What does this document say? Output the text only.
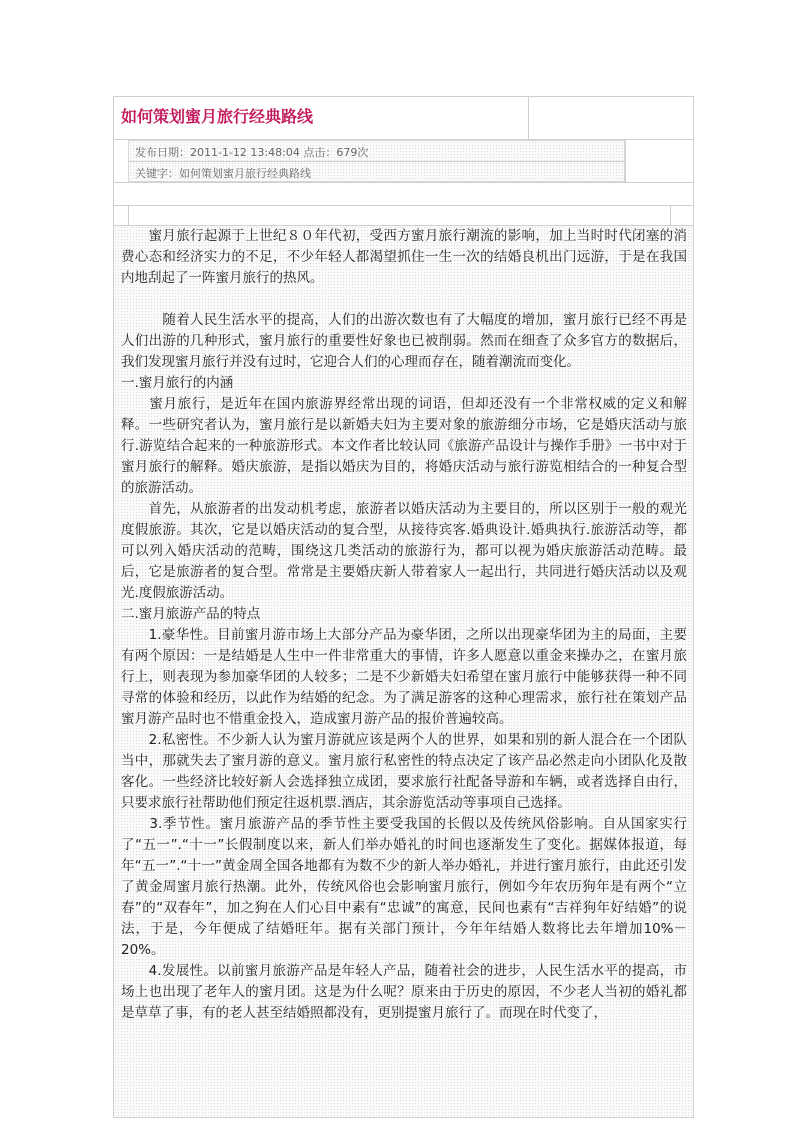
如何策划蜜月旅行经典路线
发布日期：2011-1-12 13:48:04 点击：679次
关键字：如何策划蜜月旅行经典路线

　　蜜月旅行起源于上世纪８０年代初，受西方蜜月旅行潮流的影响，加上当时时代闭塞的消费心态和经济实力的不足，不少年轻人都渴望抓住一生一次的结婚良机出门远游，于是在我国内地刮起了一阵蜜月旅行的热风。

　　　随着人民生活水平的提高，人们的出游次数也有了大幅度的增加，蜜月旅行已经不再是人们出游的几种形式，蜜月旅行的重要性好象也已被削弱。然而在细查了众多官方的数据后，我们发现蜜月旅行并没有过时，它迎合人们的心理而存在，随着潮流而变化。

一.蜜月旅行的内涵

　　蜜月旅行，是近年在国内旅游界经常出现的词语，但却还没有一个非常权威的定义和解释。一些研究者认为，蜜月旅行是以新婚夫妇为主要对象的旅游细分市场，它是婚庆活动与旅行.游览结合起来的一种旅游形式。本文作者比较认同《旅游产品设计与操作手册》一书中对于蜜月旅行的解释。婚庆旅游，是指以婚庆为目的，将婚庆活动与旅行游览相结合的一种复合型的旅游活动。

　　首先，从旅游者的出发动机考虑，旅游者以婚庆活动为主要目的，所以区别于一般的观光度假旅游。其次，它是以婚庆活动的复合型，从接待宾客.婚典设计.婚典执行.旅游活动等，都可以列入婚庆活动的范畴，围绕这几类活动的旅游行为，都可以视为婚庆旅游活动范畴。最后，它是旅游者的复合型。常常是主要婚庆新人带着家人一起出行，共同进行婚庆活动以及观光.度假旅游活动。

二.蜜月旅游产品的特点

　　1.豪华性。目前蜜月游市场上大部分产品为豪华团，之所以出现豪华团为主的局面，主要有两个原因：一是结婚是人生中一件非常重大的事情，许多人愿意以重金来操办之，在蜜月旅行上，则表现为参加豪华团的人较多；二是不少新婚夫妇希望在蜜月旅行中能够获得一种不同寻常的体验和经历，以此作为结婚的纪念。为了满足游客的这种心理需求，旅行社在策划产品蜜月游产品时也不惜重金投入，造成蜜月游产品的报价普遍较高。

　　2.私密性。不少新人认为蜜月游就应该是两个人的世界，如果和别的新人混合在一个团队当中，那就失去了蜜月游的意义。蜜月旅行私密性的特点决定了该产品必然走向小团队化及散客化。一些经济比较好新人会选择独立成团，要求旅行社配备导游和车辆，或者选择自由行，只要求旅行社帮助他们预定往返机票.酒店，其余游览活动等事项自己选择。

　　3.季节性。蜜月旅游产品的季节性主要受我国的长假以及传统风俗影响。自从国家实行了“五一”.“十一”长假制度以来，新人们举办婚礼的时间也逐渐发生了变化。据媒体报道，每年“五一”.“十一”黄金周全国各地都有为数不少的新人举办婚礼，并进行蜜月旅行，由此还引发了黄金周蜜月旅行热潮。此外，传统风俗也会影响蜜月旅行，例如今年农历狗年是有两个“立春”的“双春年”，加之狗在人们心目中素有“忠诚”的寓意，民间也素有“吉祥狗年好结婚”的说法，于是，今年便成了结婚旺年。据有关部门预计，今年年结婚人数将比去年增加10%－20%。

　　4.发展性。以前蜜月旅游产品是年轻人产品，随着社会的进步，人民生活水平的提高，市场上也出现了老年人的蜜月团。这是为什么呢？原来由于历史的原因，不少老人当初的婚礼都是草草了事，有的老人甚至结婚照都没有，更别提蜜月旅行了。而现在时代变了，
